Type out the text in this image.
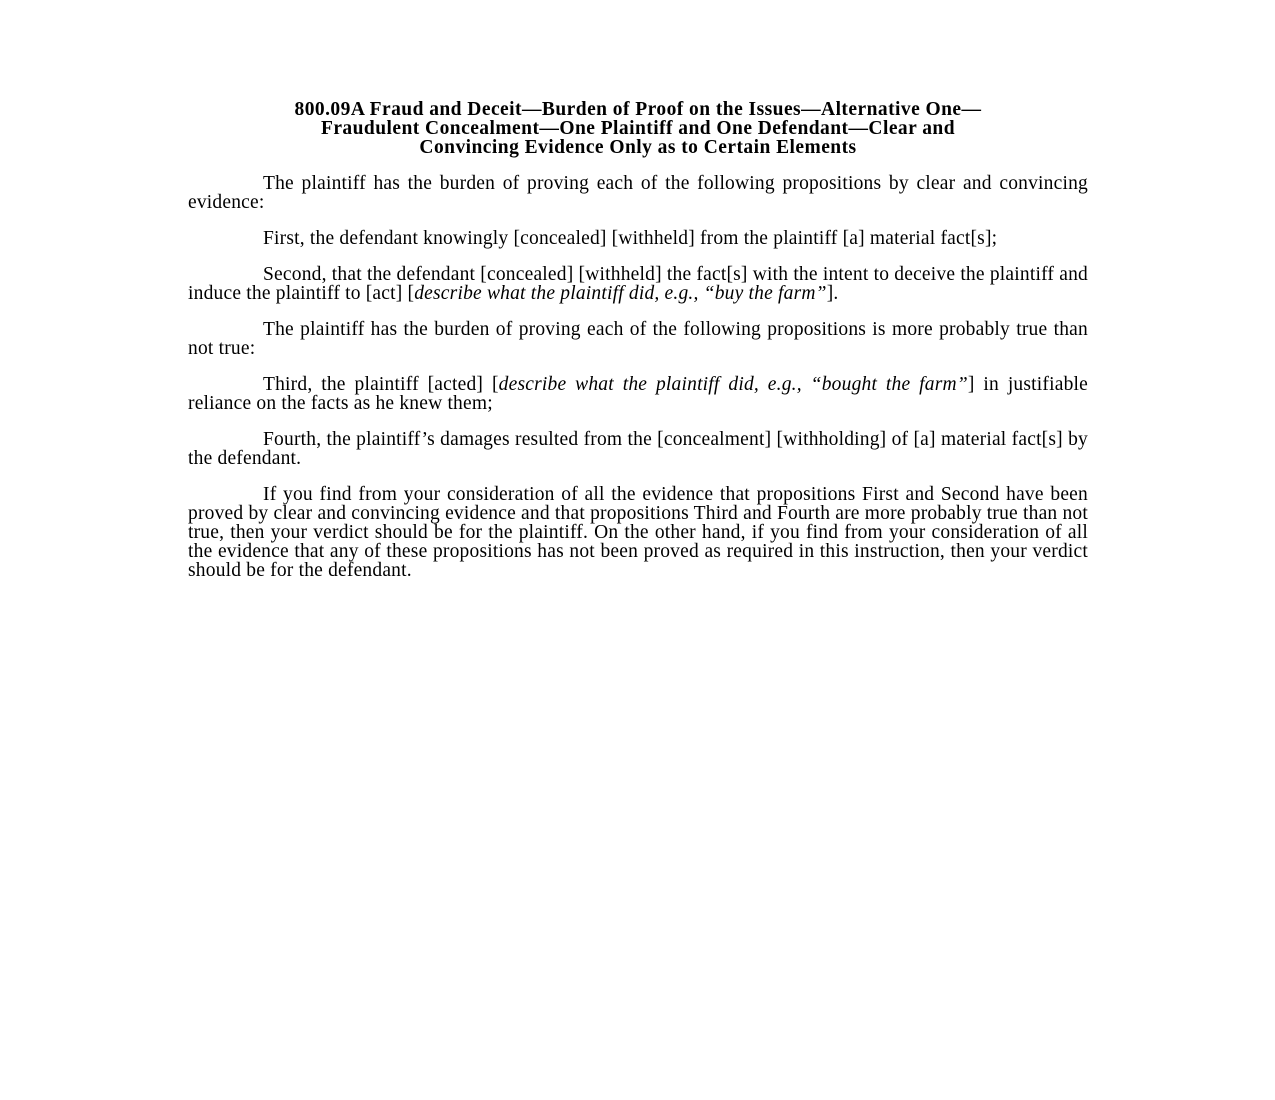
800.09A Fraud and Deceit—Burden of Proof on the Issues—Alternative One—
Fraudulent Concealment—One Plaintiff and One Defendant—Clear and
Convincing Evidence Only as to Certain Elements

The plaintiff has the burden of proving each of the following propositions by clear and convincing evidence:

First, the defendant knowingly [concealed] [withheld] from the plaintiff [a] material fact[s];

Second, that the defendant [concealed] [withheld] the fact[s] with the intent to deceive the plaintiff and induce the plaintiff to [act] [describe what the plaintiff did, e.g., “buy the farm”].

The plaintiff has the burden of proving each of the following propositions is more probably true than not true:

Third, the plaintiff [acted] [describe what the plaintiff did, e.g., “bought the farm”] in justifiable reliance on the facts as he knew them;

Fourth, the plaintiff’s damages resulted from the [concealment] [withholding] of [a] material fact[s] by the defendant.

If you find from your consideration of all the evidence that propositions First and Second have been proved by clear and convincing evidence and that propositions Third and Fourth are more probably true than not true, then your verdict should be for the plaintiff. On the other hand, if you find from your consideration of all the evidence that any of these propositions has not been proved as required in this instruction, then your verdict should be for the defendant.
